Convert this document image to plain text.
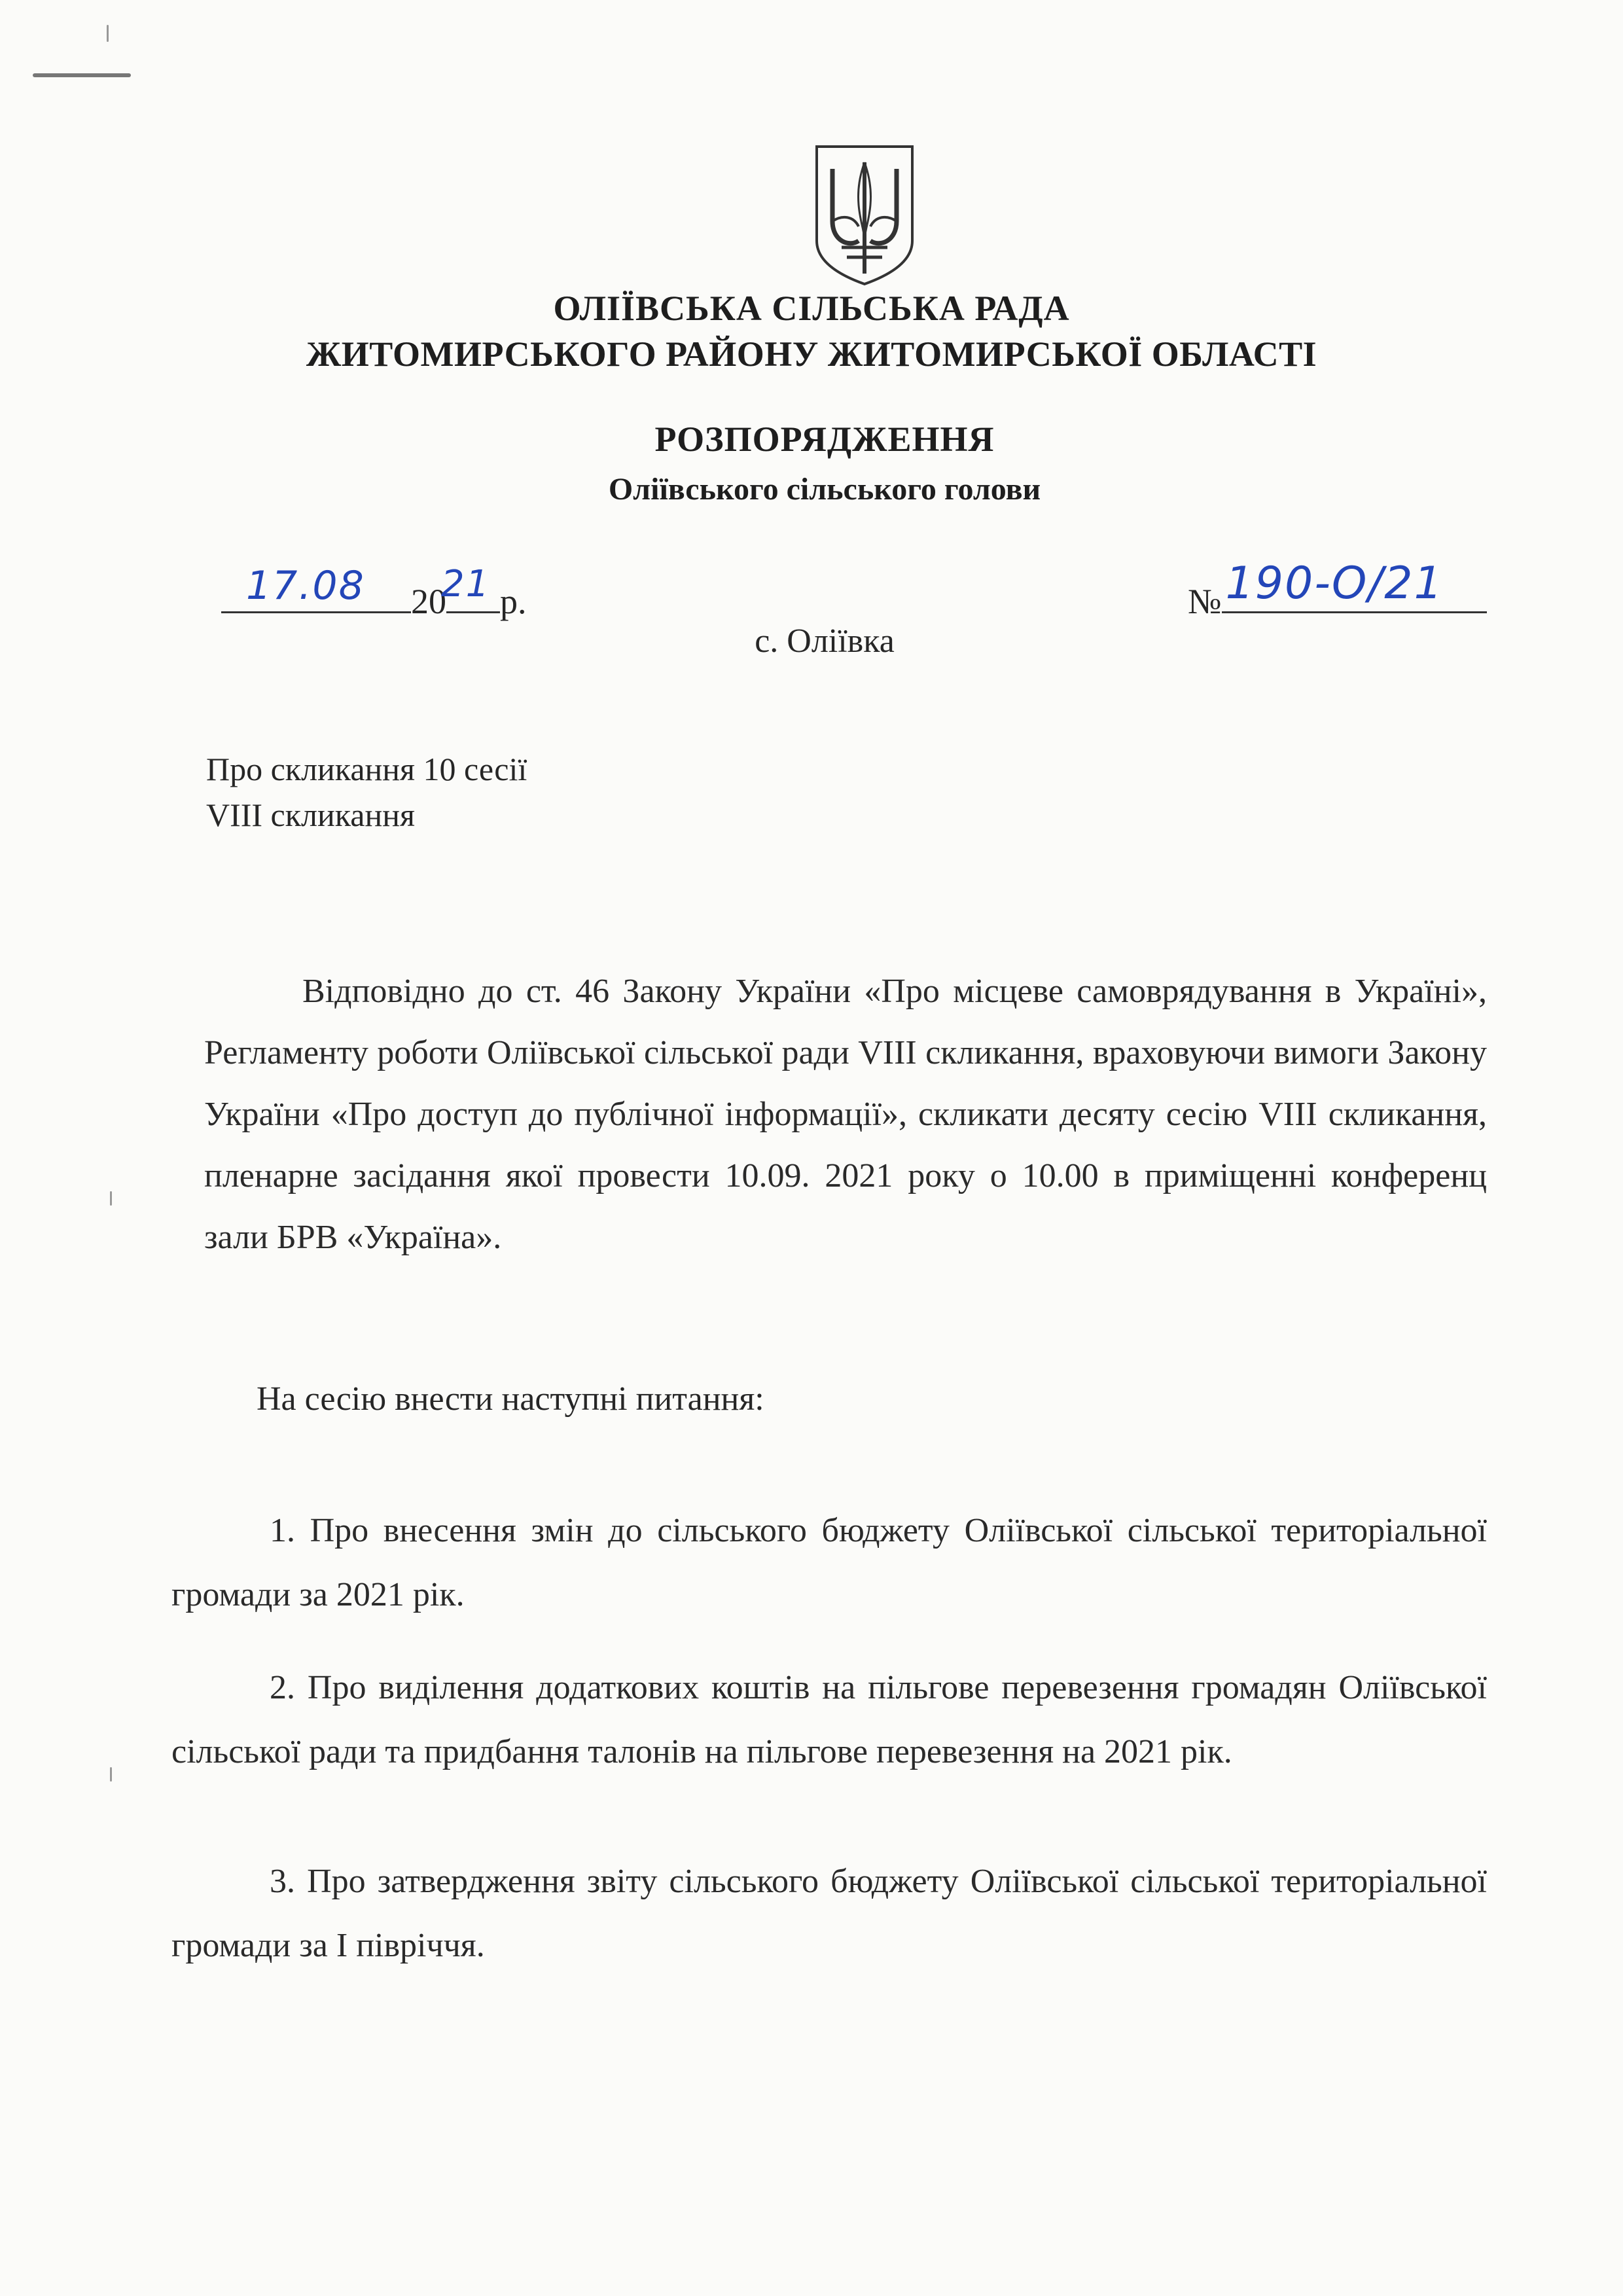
ОЛІЇВСЬКА СІЛЬСЬКА РАДА
ЖИТОМИРСЬКОГО РАЙОНУ ЖИТОМИРСЬКОЇ ОБЛАСТІ
РОЗПОРЯДЖЕННЯ
Оліївського сільського голови
17.08 20
21 р.	№ 190-О/21
с. Оліївка
Про скликання 10 сесії
VIII скликання
Відповідно до ст. 46 Закону України «Про місцеве самоврядування в Україні», Регламенту роботи Оліївської сільської ради VIII скликання, враховуючи вимоги Закону України «Про доступ до публічної інформації», скликати десяту сесію VIII скликання, пленарне засідання якої провести 10.09. 2021 року о 10.00 в приміщенні конференц зали БРВ «Україна».
На сесію внести наступні питання:
1. Про внесення змін до сільського бюджету Оліївської сільської територіальної громади за 2021 рік.
2. Про виділення додаткових коштів на пільгове перевезення громадян Оліївської сільської ради та придбання талонів на пільгове перевезення на 2021 рік.
3. Про затвердження звіту сільського бюджету Оліївської сільської територіальної громади за І півріччя.
